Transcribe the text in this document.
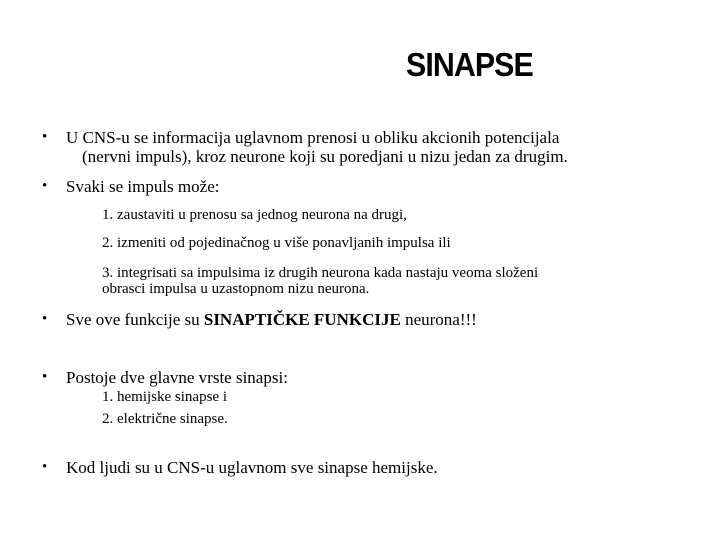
SINAPSE
• U CNS-u se informacija uglavnom prenosi u obliku akcionih potencijala
(nervni impuls), kroz neurone koji su poredjani u nizu jedan za drugim.
• Svaki se impuls može:
1. zaustaviti u prenosu sa jednog neurona na drugi,
2. izmeniti od pojedinačnog u više ponavljanih impulsa ili
3. integrisati sa impulsima iz drugih neurona kada nastaju veoma složeni
obrasci impulsa u uzastopnom nizu neurona.
• Sve ove funkcije su SINAPTIČKE FUNKCIJE neurona!!!
• Postoje dve glavne vrste sinapsi:
1. hemijske sinapse i
2. električne sinapse.
• Kod ljudi su u CNS-u uglavnom sve sinapse hemijske.
